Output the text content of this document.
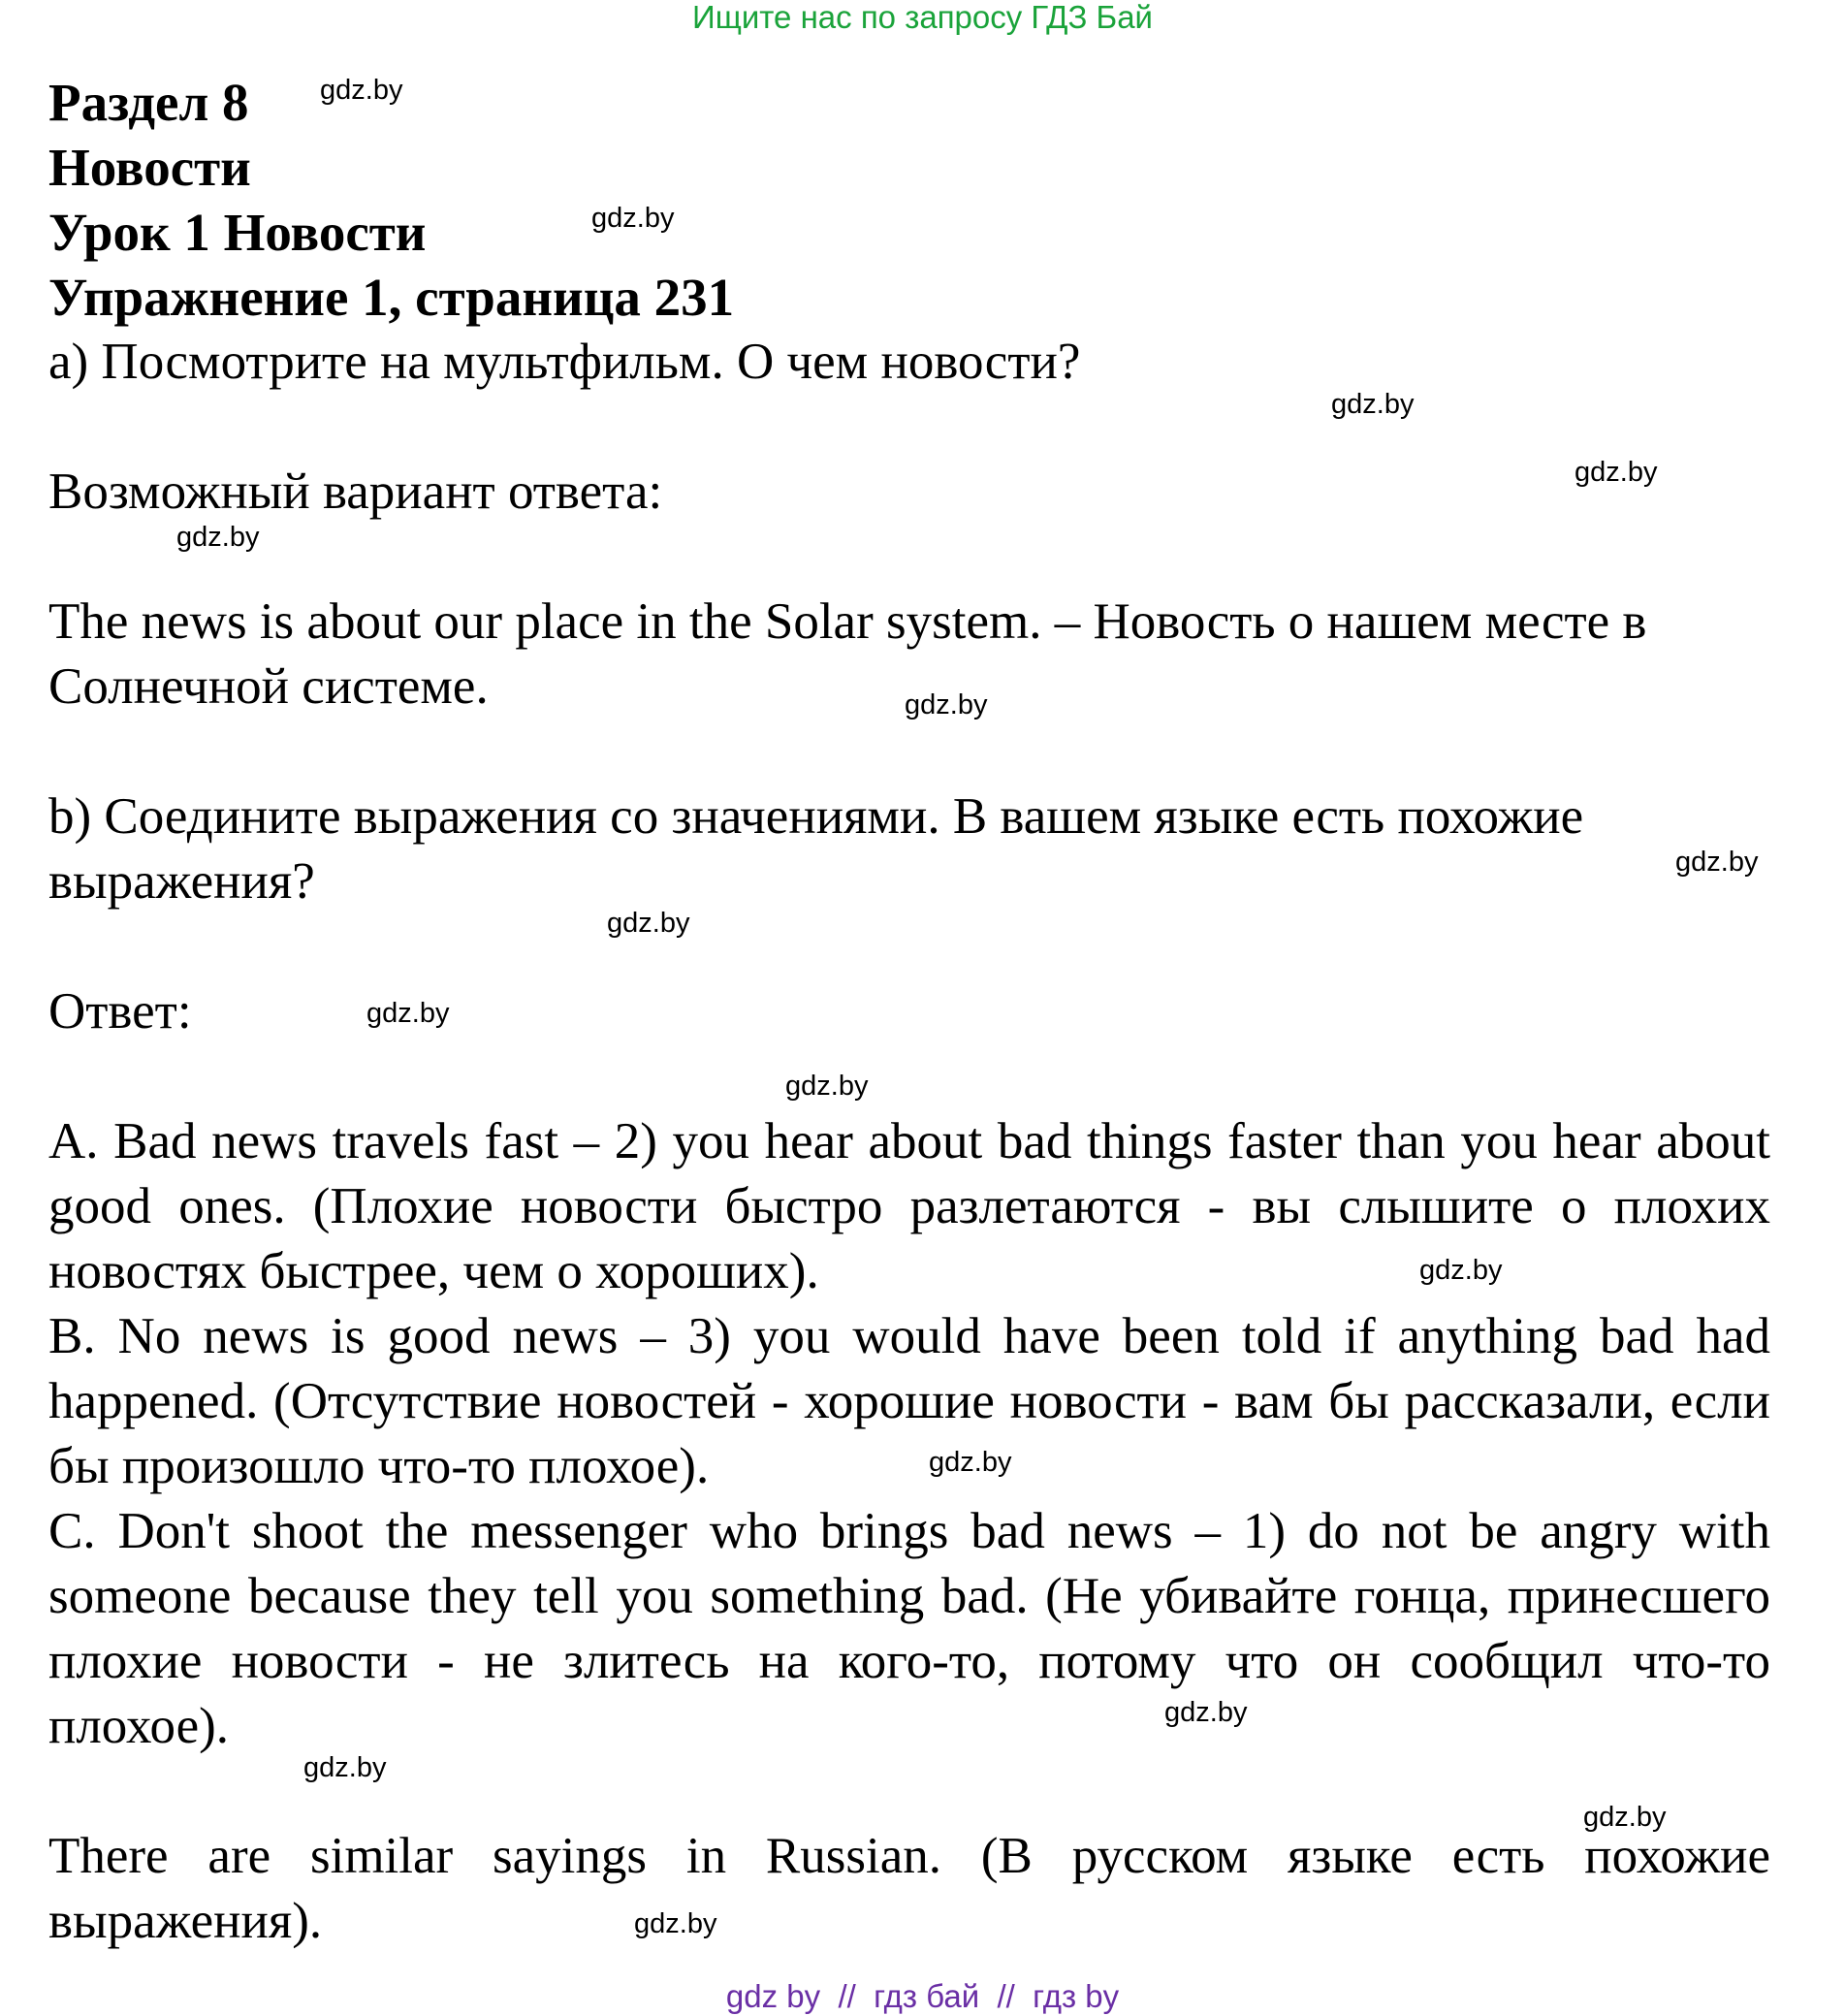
Ищите нас по запросу ГДЗ Бай
Раздел 8
Новости
Урок 1 Новости
Упражнение 1, страница 231
a) Посмотрите на мультфильм. О чем новости?
Возможный вариант ответа:
The news is about our place in the Solar system. – Новость о нашем месте в Солнечной системе.
b) Соедините выражения со значениями. В вашем языке есть похожие выражения?
Ответ:
A. Bad news travels fast – 2) you hear about bad things faster than you hear about good ones. (Плохие новости быстро разлетаются - вы слышите о плохих новостях быстрее, чем о хороших).
B. No news is good news – 3) you would have been told if anything bad had happened. (Отсутствие новостей - хорошие новости - вам бы рассказали, если бы произошло что-то плохое).
C. Don't shoot the messenger who brings bad news – 1) do not be angry with someone because they tell you something bad. (Не убивайте гонца, принесшего плохие новости - не злитесь на кого-то, потому что он сообщил что-то плохое).
There are similar sayings in Russian. (В русском языке есть похожие выражения).
gdz.by
gdz.by
gdz.by
gdz.by
gdz.by
gdz.by
gdz.by
gdz.by
gdz.by
gdz.by
gdz.by
gdz.by
gdz.by
gdz.by
gdz.by
gdz.by
gdz by  //  гдз бай  //  гдз by
